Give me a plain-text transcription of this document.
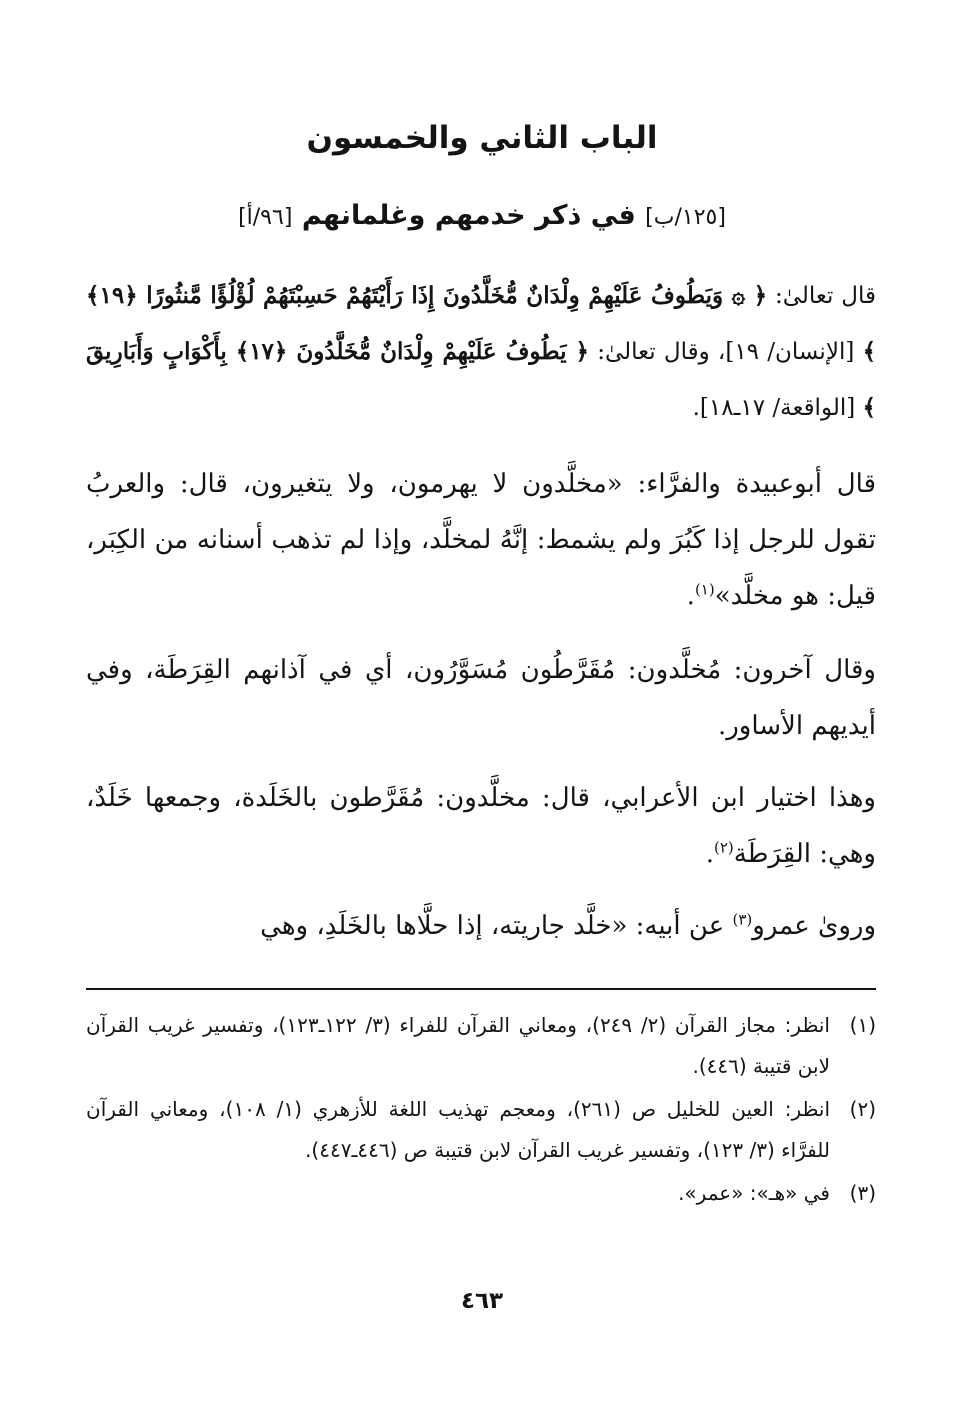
الباب الثاني والخمسون
[١٢٥/ب] في ذكر خدمهم وغلمانهم [٩٦/أ]
قال تعالىٰ: ﴿ ۞ وَيَطُوفُ عَلَيْهِمْ وِلْدَانٌ مُّخَلَّدُونَ إِذَا رَأَيْتَهُمْ حَسِبْتَهُمْ لُؤْلُؤًا مَّنثُورًا ﴿١٩﴾ ﴾ [الإنسان/ ١٩]، وقال تعالىٰ: ﴿ يَطُوفُ عَلَيْهِمْ وِلْدَانٌ مُّخَلَّدُونَ ﴿١٧﴾ بِأَكْوَابٍ وَأَبَارِيقَ ﴾ [الواقعة/ ١٧ـ١٨].
قال أبوعبيدة والفرَّاء: «مخلَّدون لا يهرمون، ولا يتغيرون، قال: والعربُ تقول للرجل إذا كَبُرَ ولم يشمط: إنَّهُ لمخلَّد، وإذا لم تذهب أسنانه من الكِبَر، قيل: هو مخلَّد»$^{(١)}$.
وقال آخرون: مُخلَّدون: مُقَرَّطُون مُسَوَّرُون، أي في آذانهم القِرَطَة، وفي أيديهم الأساور.
وهذا اختيار ابن الأعرابي، قال: مخلَّدون: مُقَرَّطون بالخَلَدة، وجمعها خَلَدٌ، وهي: القِرَطَة$^{(٢)}$.
وروىٰ عمرو$^{(٣)}$ عن أبيه: «خلَّد جاريته، إذا حلَّاها بالخَلَدِ، وهي
(١)
انظر: مجاز القرآن (٢/ ٢٤٩)، ومعاني القرآن للفراء (٣/ ١٢٢ـ١٢٣)، وتفسير غريب القرآن لابن قتيبة (٤٤٦).
(٢)
انظر: العين للخليل ص (٢٦١)، ومعجم تهذيب اللغة للأزهري (١/ ١٠٨)، ومعاني القرآن للفرَّاء (٣/ ١٢٣)، وتفسير غريب القرآن لابن قتيبة ص (٤٤٦ـ٤٤٧).
(٣)
في «هـ»: «عمر».
٤٦٣
